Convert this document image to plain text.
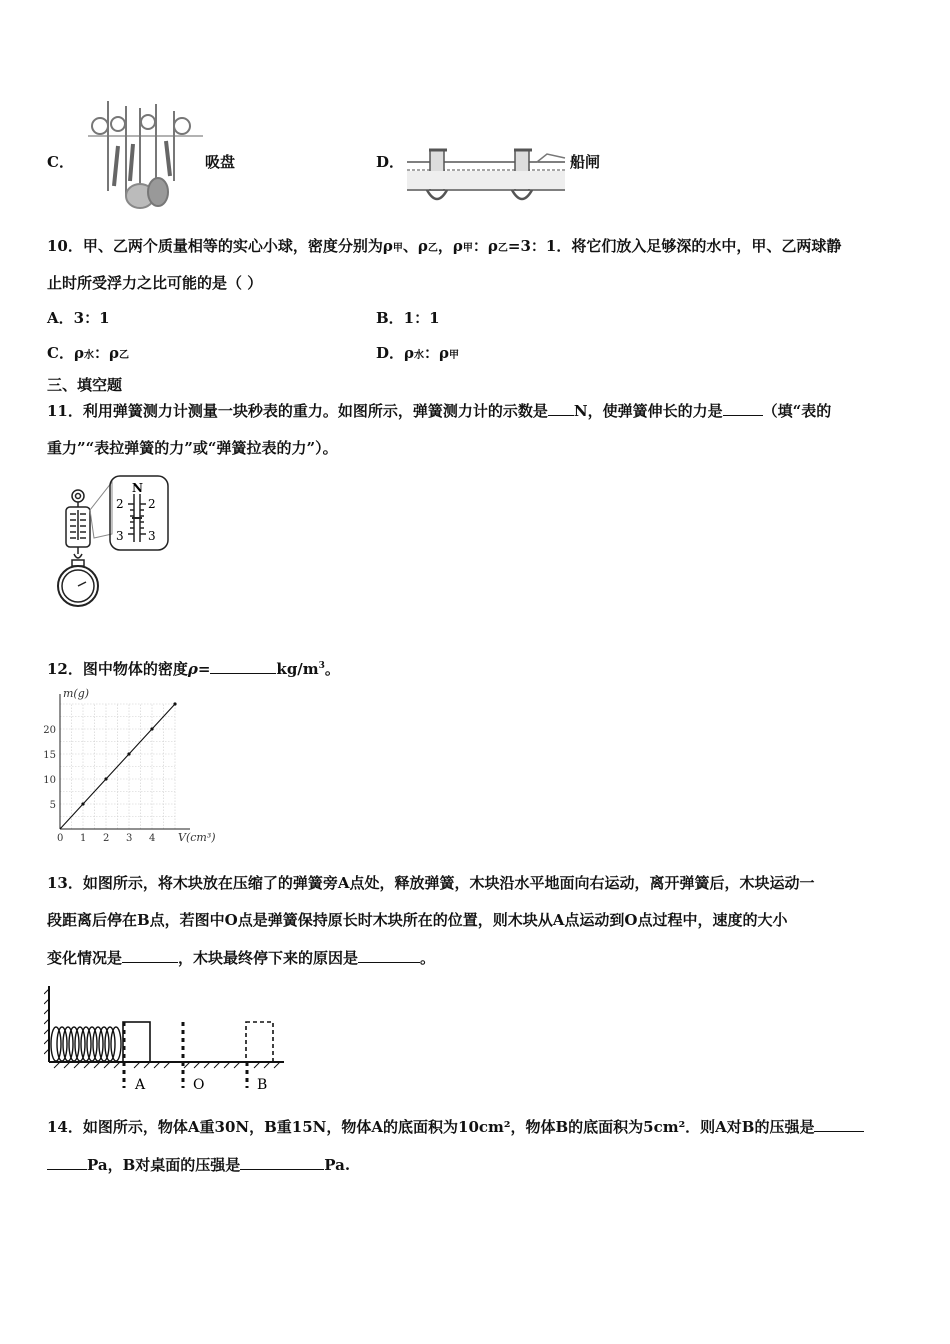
C．	吸盘	D．	船闸
10．甲、乙两个质量相等的实心小球，密度分别为ρ甲、ρ乙，ρ甲：ρ乙=3：1．将它们放入足够深的水中，甲、乙两球静
止时所受浮力之比可能的是（ ）
A．3：1	B．1：1
C．ρ水：ρ乙	D．ρ水：ρ甲
三、填空题
11．利用弹簧测力计测量一块秒表的重力。如图所示，弹簧测力计的示数是 N，使弹簧伸长的力是	（填“表的
重力”“表拉弹簧的力”或“弹簧拉表的力”）。
N
2 2
3 3
12．图中物体的密度ρ=	$kg/m^3$。
0 1 2 3 4
5
10
15
20
m(g)
V(cm³)
13．如图所示，将木块放在压缩了的弹簧旁A点处，释放弹簧，木块沿水平地面向右运动，离开弹簧后，木块运动一
段距离后停在B点，若图中O点是弹簧保持原长时木块所在的位置，则木块从A点运动到O点过程中，速度的大小
变化情况是	，木块最终停下来的原因是	。
A	O	B
14．如图所示，物体A重30N，B重15N，物体A的底面积为10cm²，物体B的底面积为5cm²．则A对B的压强是
Pa，B对桌面的压强是	Pa.
